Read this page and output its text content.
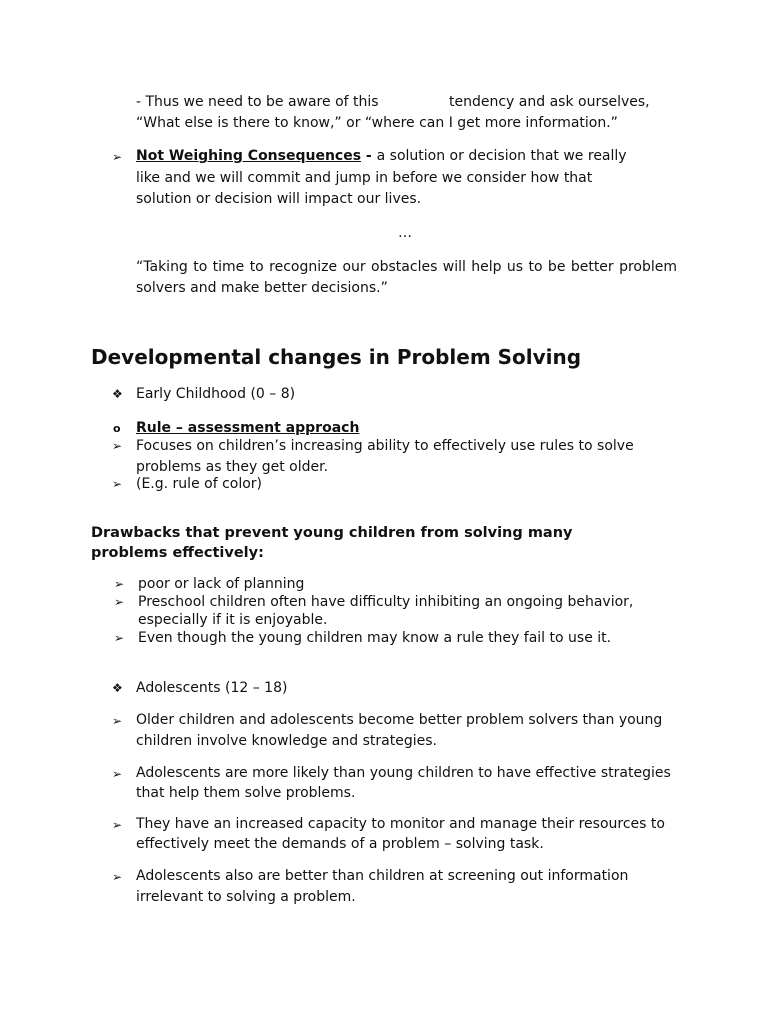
- Thus we need to be aware of this	tendency and ask ourselves,
“What else is there to know,” or “where can I get more information.”
➢ Not Weighing Consequences - a solution or decision that we really
like and we will commit and jump in before we consider how that
solution or decision will impact our lives.
…
“Taking to time to recognize our obstacles will help us to be better problem solvers and make better decisions.”
Developmental changes in Problem Solving
❖ Early Childhood (0 – 8)
o	Rule – assessment approach
➢ Focuses on children’s increasing ability to effectively use rules to solve
problems as they get older.
➢ (E.g. rule of color)
Drawbacks that prevent young children from solving many problems effectively:
➢ poor or lack of planning
➢ Preschool children often have difficulty inhibiting an ongoing behavior,
especially if it is enjoyable.
➢ Even though the young children may know a rule they fail to use it.
❖ Adolescents (12 – 18)
➢ Older children and adolescents become better problem solvers than young
children involve knowledge and strategies.
➢ Adolescents are more likely than young children to have effective strategies
that help them solve problems.
➢ They have an increased capacity to monitor and manage their resources to
effectively meet the demands of a problem – solving task.
➢ Adolescents also are better than children at screening out information
irrelevant to solving a problem.
